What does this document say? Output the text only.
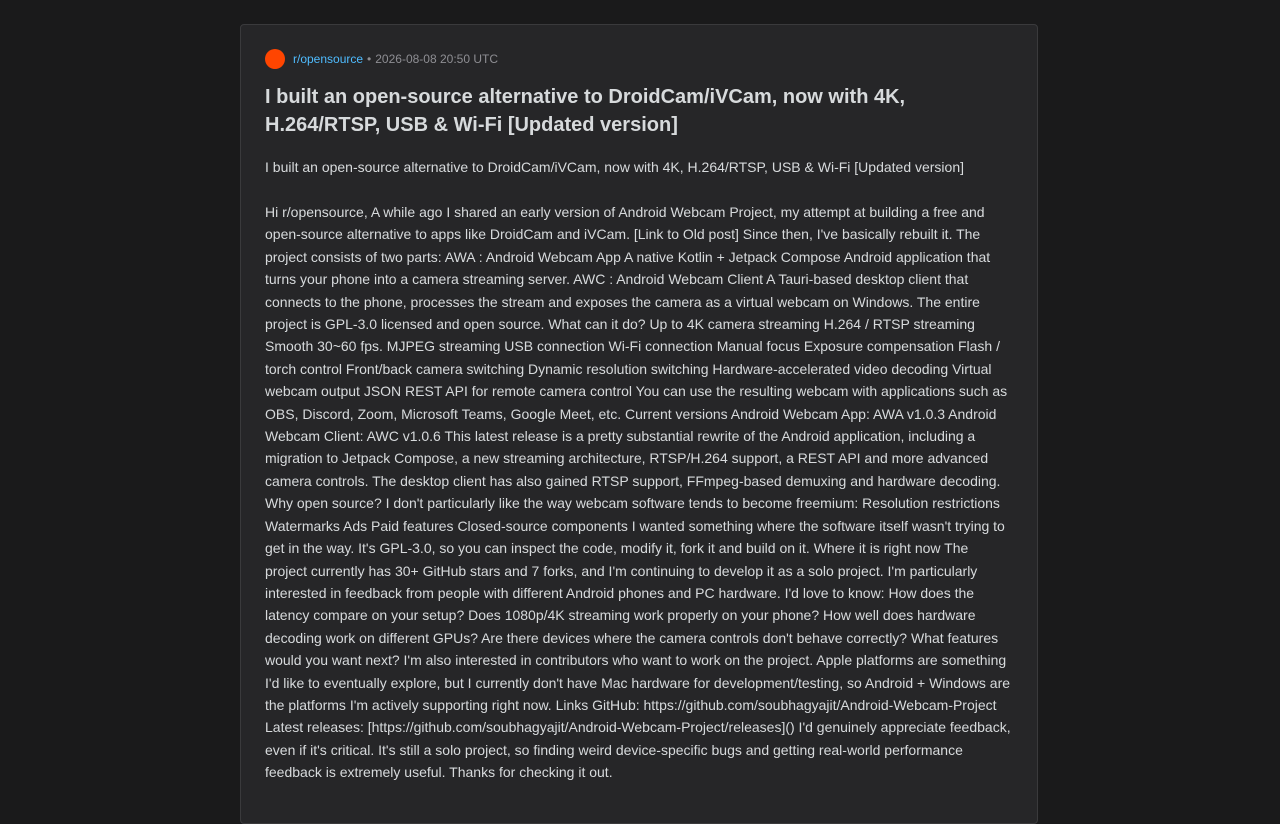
r/opensource • 2026-08-08 20:50 UTC
I built an open-source alternative to DroidCam/iVCam, now with 4K, H.264/RTSP, USB & Wi-Fi [Updated version]

I built an open-source alternative to DroidCam/iVCam, now with 4K, H.264/RTSP, USB & Wi-Fi [Updated version]

Hi r/opensource, A while ago I shared an early version of Android Webcam Project, my attempt at building a free and open-source alternative to apps like DroidCam and iVCam. [Link to Old post] Since then, I've basically rebuilt it. The project consists of two parts: AWA : Android Webcam App A native Kotlin + Jetpack Compose Android application that turns your phone into a camera streaming server. AWC : Android Webcam Client A Tauri-based desktop client that connects to the phone, processes the stream and exposes the camera as a virtual webcam on Windows. The entire project is GPL-3.0 licensed and open source. What can it do? Up to 4K camera streaming H.264 / RTSP streaming Smooth 30~60 fps. MJPEG streaming USB connection Wi-Fi connection Manual focus Exposure compensation Flash / torch control Front/back camera switching Dynamic resolution switching Hardware-accelerated video decoding Virtual webcam output JSON REST API for remote camera control You can use the resulting webcam with applications such as OBS, Discord, Zoom, Microsoft Teams, Google Meet, etc. Current versions Android Webcam App: AWA v1.0.3 Android Webcam Client: AWC v1.0.6 This latest release is a pretty substantial rewrite of the Android application, including a migration to Jetpack Compose, a new streaming architecture, RTSP/H.264 support, a REST API and more advanced camera controls. The desktop client has also gained RTSP support, FFmpeg-based demuxing and hardware decoding. Why open source? I don't particularly like the way webcam software tends to become freemium: Resolution restrictions Watermarks Ads Paid features Closed-source components I wanted something where the software itself wasn't trying to get in the way. It's GPL-3.0, so you can inspect the code, modify it, fork it and build on it. Where it is right now The project currently has 30+ GitHub stars and 7 forks, and I'm continuing to develop it as a solo project. I'm particularly interested in feedback from people with different Android phones and PC hardware. I'd love to know: How does the latency compare on your setup? Does 1080p/4K streaming work properly on your phone? How well does hardware decoding work on different GPUs? Are there devices where the camera controls don't behave correctly? What features would you want next? I'm also interested in contributors who want to work on the project. Apple platforms are something I'd like to eventually explore, but I currently don't have Mac hardware for development/testing, so Android + Windows are the platforms I'm actively supporting right now. Links GitHub: https://github.com/soubhagyajit/Android-Webcam-Project Latest releases: [https://github.com/soubhagyajit/Android-Webcam-Project/releases]() I'd genuinely appreciate feedback, even if it's critical. It's still a solo project, so finding weird device-specific bugs and getting real-world performance feedback is extremely useful. Thanks for checking it out.
